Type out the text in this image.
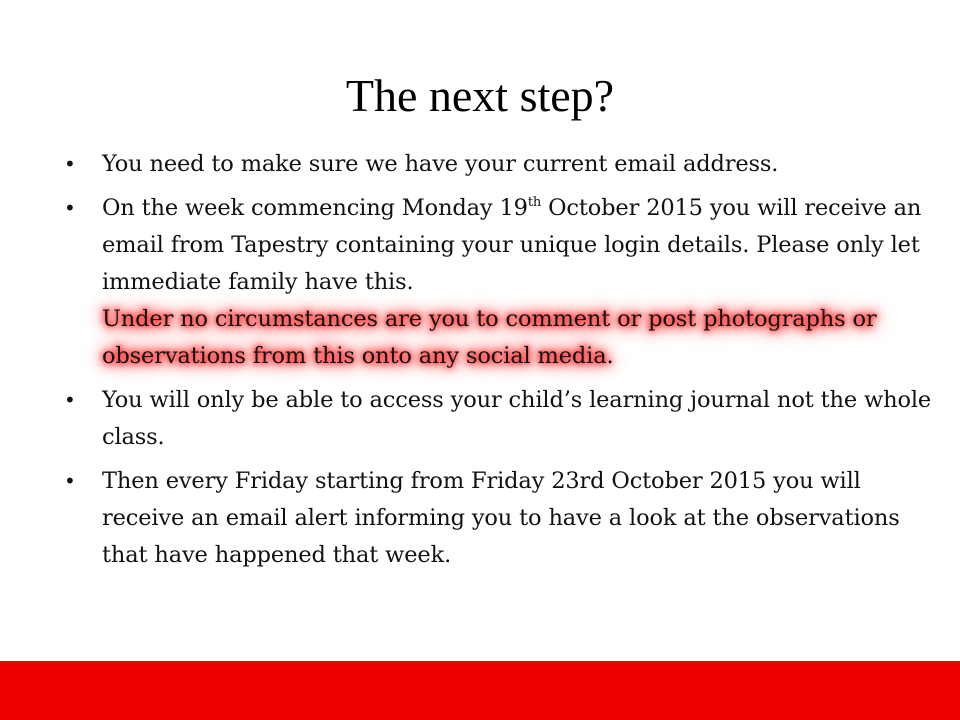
The next step?
•	You need to make sure we have your current email address.
•	On the week commencing Monday 19th October 2015 you will receive an email from Tapestry containing your unique login details. Please only let immediate family have this.
Under no circumstances are you to comment or post photographs or observations from this onto any social media.
•	You will only be able to access your child’s learning journal not the whole class.
•	Then every Friday starting from Friday 23rd October 2015 you will receive an email alert informing you to have a look at the observations that have happened that week.
